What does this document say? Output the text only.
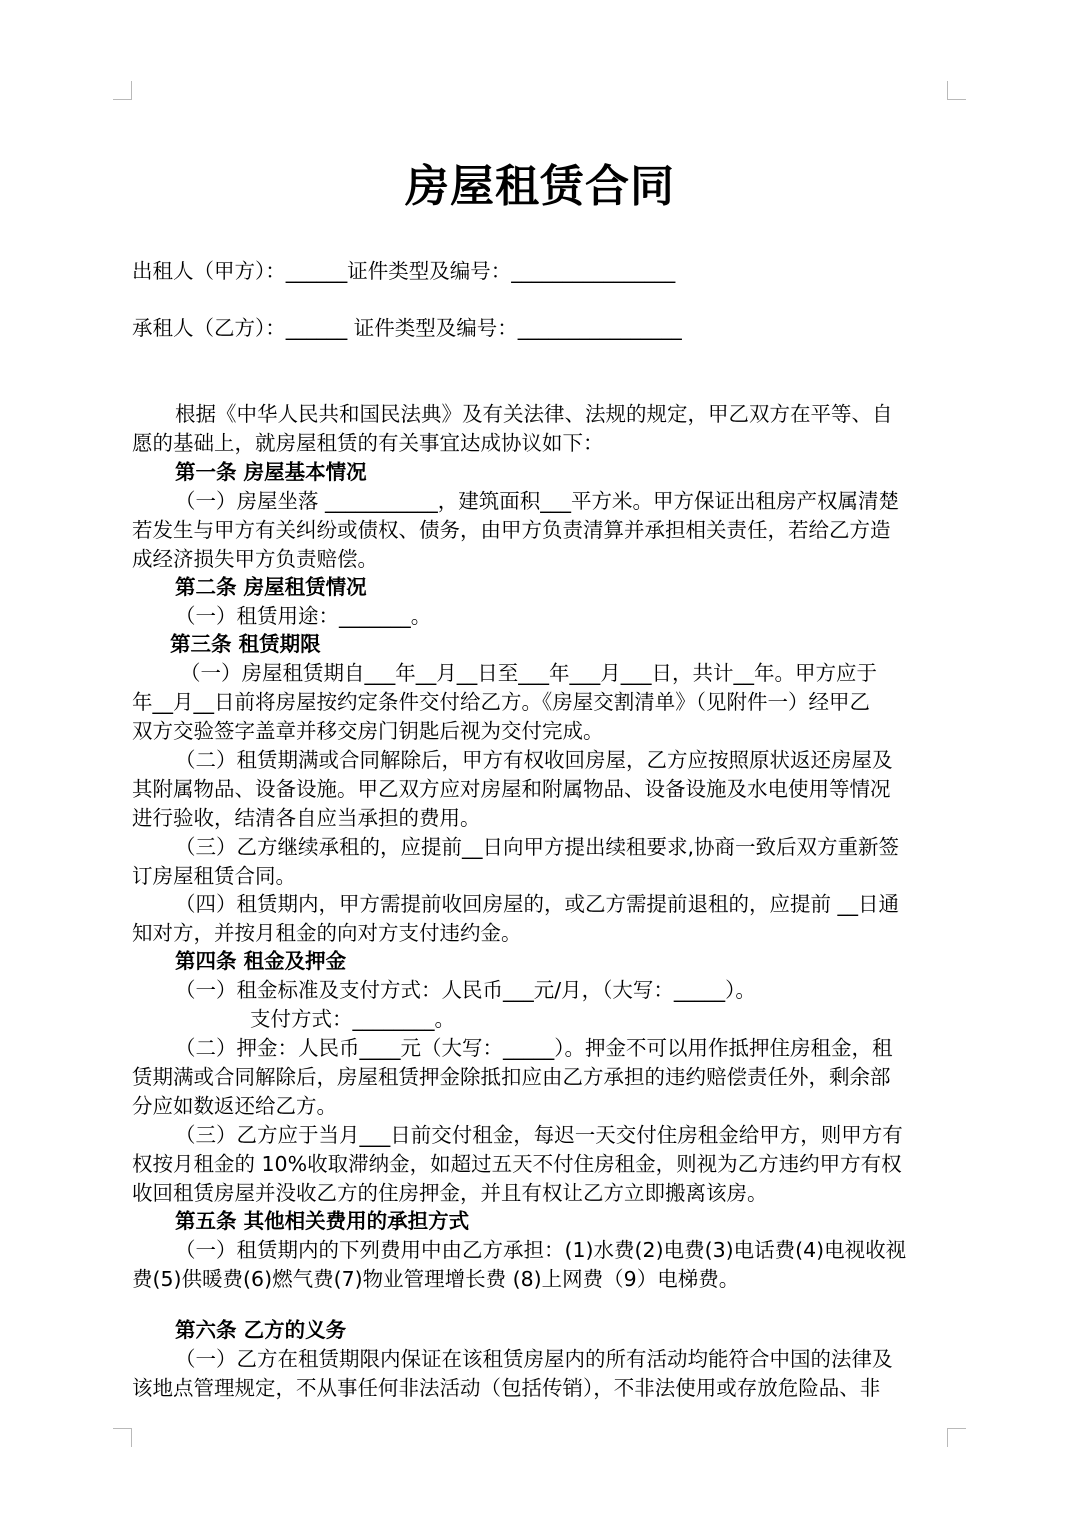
房屋租赁合同
出租人（甲方）：______证件类型及编号：________________
承租人（乙方）：______ 证件类型及编号：________________
根据《中华人民共和国民法典》及有关法律、法规的规定，甲乙双方在平等、自
愿的基础上，就房屋租赁的有关事宜达成协议如下：
第一条 房屋基本情况
（一）房屋坐落 ___________，建筑面积___平方米。甲方保证出租房产权属清楚
若发生与甲方有关纠纷或债权、债务，由甲方负责清算并承担相关责任，若给乙方造
成经济损失甲方负责赔偿。
第二条 房屋租赁情况
（一）租赁用途：_______。
第三条 租赁期限
（一）房屋租赁期自___年__月__日至___年___月___日，共计__年。甲方应于
年__月__日前将房屋按约定条件交付给乙方。《房屋交割清单》（见附件一）经甲乙
双方交验签字盖章并移交房门钥匙后视为交付完成。
（二）租赁期满或合同解除后，甲方有权收回房屋，乙方应按照原状返还房屋及
其附属物品、设备设施。甲乙双方应对房屋和附属物品、设备设施及水电使用等情况
进行验收，结清各自应当承担的费用。
（三）乙方继续承租的，应提前__日向甲方提出续租要求,协商一致后双方重新签
订房屋租赁合同。
（四）租赁期内，甲方需提前收回房屋的，或乙方需提前退租的，应提前 __日通
知对方，并按月租金的向对方支付违约金。
第四条 租金及押金
（一）租金标准及支付方式：人民币___元/月，（大写：_____）。
支付方式：________。
（二）押金：人民币____元（大写：_____）。押金不可以用作抵押住房租金，租
赁期满或合同解除后，房屋租赁押金除抵扣应由乙方承担的违约赔偿责任外，剩余部
分应如数返还给乙方。
（三）乙方应于当月___日前交付租金，每迟一天交付住房租金给甲方，则甲方有
权按月租金的 10%收取滞纳金，如超过五天不付住房租金，则视为乙方违约甲方有权
收回租赁房屋并没收乙方的住房押金，并且有权让乙方立即搬离该房。
第五条 其他相关费用的承担方式
（一）租赁期内的下列费用中由乙方承担：(1)水费(2)电费(3)电话费(4)电视收视
费(5)供暖费(6)燃气费(7)物业管理增长费 (8)上网费（9）电梯费。
第六条 乙方的义务
（一）乙方在租赁期限内保证在该租赁房屋内的所有活动均能符合中国的法律及
该地点管理规定，不从事任何非法活动（包括传销），不非法使用或存放危险品、非
